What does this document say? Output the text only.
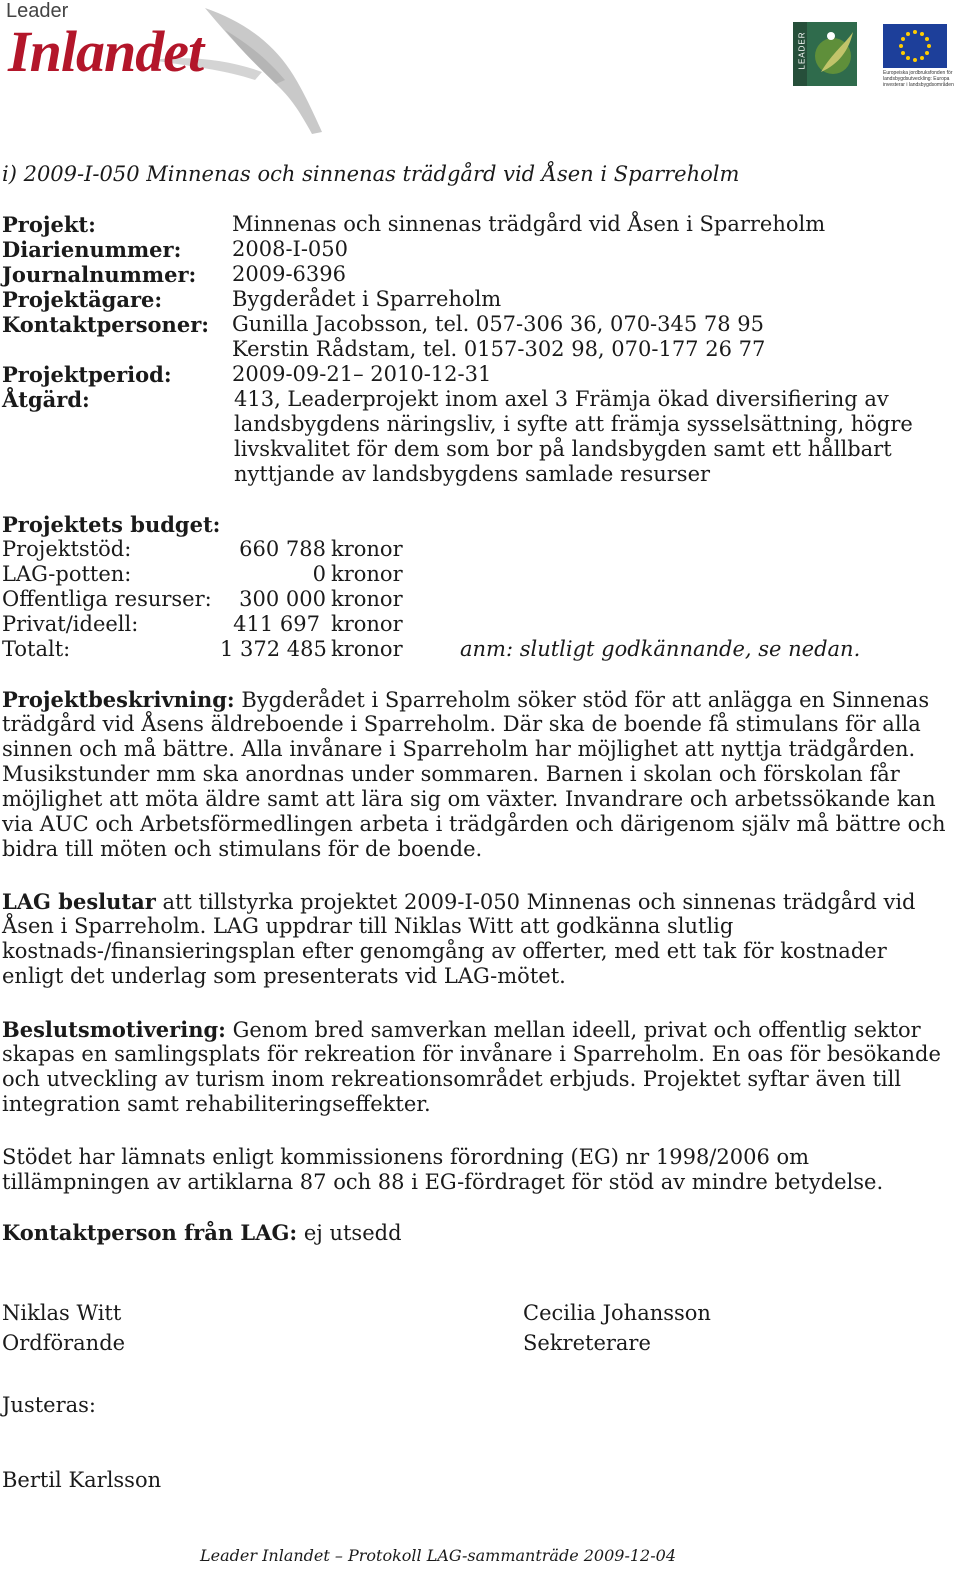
Leader
Inlandet	LEADER
Europeiska jordbruksfonden för
landsbygdsutveckling: Europa
investerar i landsbygdsområden
i) 2009-I-050 Minnenas och sinnenas trädgård vid Åsen i Sparreholm
Projekt:	Minnenas och sinnenas trädgård vid Åsen i Sparreholm
Diarienummer: 2008-I-050
Journalnummer: 2009-6396
Projektägare:	Bygderådet i Sparreholm
Kontaktpersoner: Gunilla Jacobsson, tel. 057-306 36, 070-345 78 95
Kerstin Rådstam, tel. 0157-302 98, 070-177 26 77
Projektperiod:	2009-09-21– 2010-12-31
Åtgärd:	413, Leaderprojekt inom axel 3 Främja ökad diversifiering av
landsbygdens näringsliv, i syfte att främja sysselsättning, högre
livskvalitet för dem som bor på landsbygden samt ett hållbart
nyttjande av landsbygdens samlade resurser
Projektets budget:
Projektstöd:	660 788 kronor
LAG-potten:	0 kronor
Offentliga resurser:	300 000 kronor
Privat/ideell:	411 697 kronor
Totalt:	1 372 485 kronor	anm: slutligt godkännande, se nedan.
Projektbeskrivning: Bygderådet i Sparreholm söker stöd för att anlägga en Sinnenas
trädgård vid Åsens äldreboende i Sparreholm. Där ska de boende få stimulans för alla
sinnen och må bättre. Alla invånare i Sparreholm har möjlighet att nyttja trädgården.
Musikstunder mm ska anordnas under sommaren. Barnen i skolan och förskolan får
möjlighet att möta äldre samt att lära sig om växter. Invandrare och arbetssökande kan
via AUC och Arbetsförmedlingen arbeta i trädgården och därigenom själv må bättre och
bidra till möten och stimulans för de boende.
LAG beslutar att tillstyrka projektet 2009-I-050 Minnenas och sinnenas trädgård vid
Åsen i Sparreholm. LAG uppdrar till Niklas Witt att godkänna slutlig
kostnads-/finansieringsplan efter genomgång av offerter, med ett tak för kostnader
enligt det underlag som presenterats vid LAG-mötet.
Beslutsmotivering: Genom bred samverkan mellan ideell, privat och offentlig sektor
skapas en samlingsplats för rekreation för invånare i Sparreholm. En oas för besökande
och utveckling av turism inom rekreationsområdet erbjuds. Projektet syftar även till
integration samt rehabiliteringseffekter.
Stödet har lämnats enligt kommissionens förordning (EG) nr 1998/2006 om
tillämpningen av artiklarna 87 och 88 i EG-fördraget för stöd av mindre betydelse.
Kontaktperson från LAG: ej utsedd
Niklas Witt
Ordförande
Cecilia Johansson
Sekreterare
Justeras:
Bertil Karlsson
Leader Inlandet – Protokoll LAG-sammanträde 2009-12-04
